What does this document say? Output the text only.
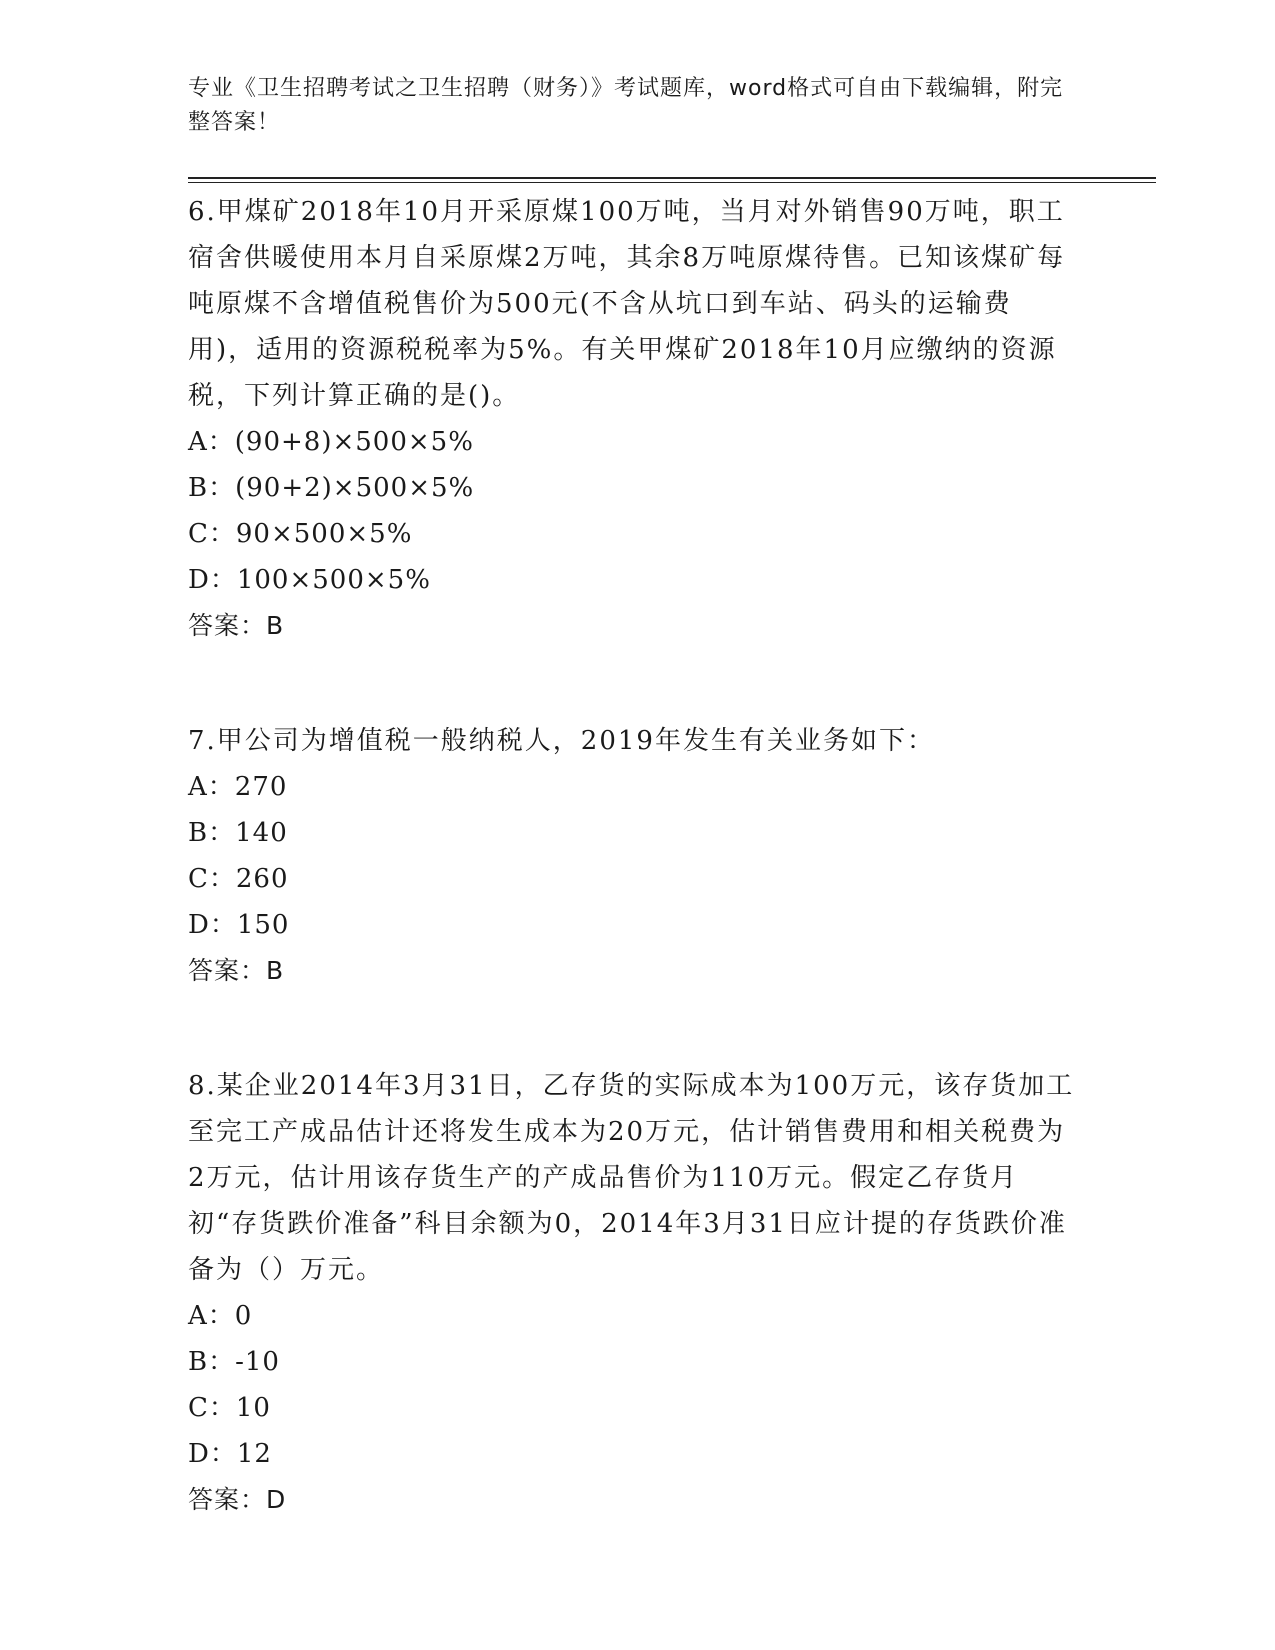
专业《卫生招聘考试之卫生招聘（财务）》考试题库，word格式可自由下载编辑，附完整答案！

6.甲煤矿2018年10月开采原煤100万吨，当月对外销售90万吨，职工宿舍供暖使用本月自采原煤2万吨，其余8万吨原煤待售。已知该煤矿每吨原煤不含增值税售价为500元(不含从坑口到车站、码头的运输费用)，适用的资源税税率为5%。有关甲煤矿2018年10月应缴纳的资源税，下列计算正确的是()。

A：(90+8)×500×5%

B：(90+2)×500×5%

C：90×500×5%

D：100×500×5%

答案：B

7.甲公司为增值税一般纳税人，2019年发生有关业务如下：

A：270

B：140

C：260

D：150

答案：B

8.某企业2014年3月31日，乙存货的实际成本为100万元，该存货加工至完工产成品估计还将发生成本为20万元，估计销售费用和相关税费为2万元，估计用该存货生产的产成品售价为110万元。假定乙存货月初“存货跌价准备”科目余额为0，2014年3月31日应计提的存货跌价准备为（）万元。

A：0

B：-10

C：10

D：12

答案：D
